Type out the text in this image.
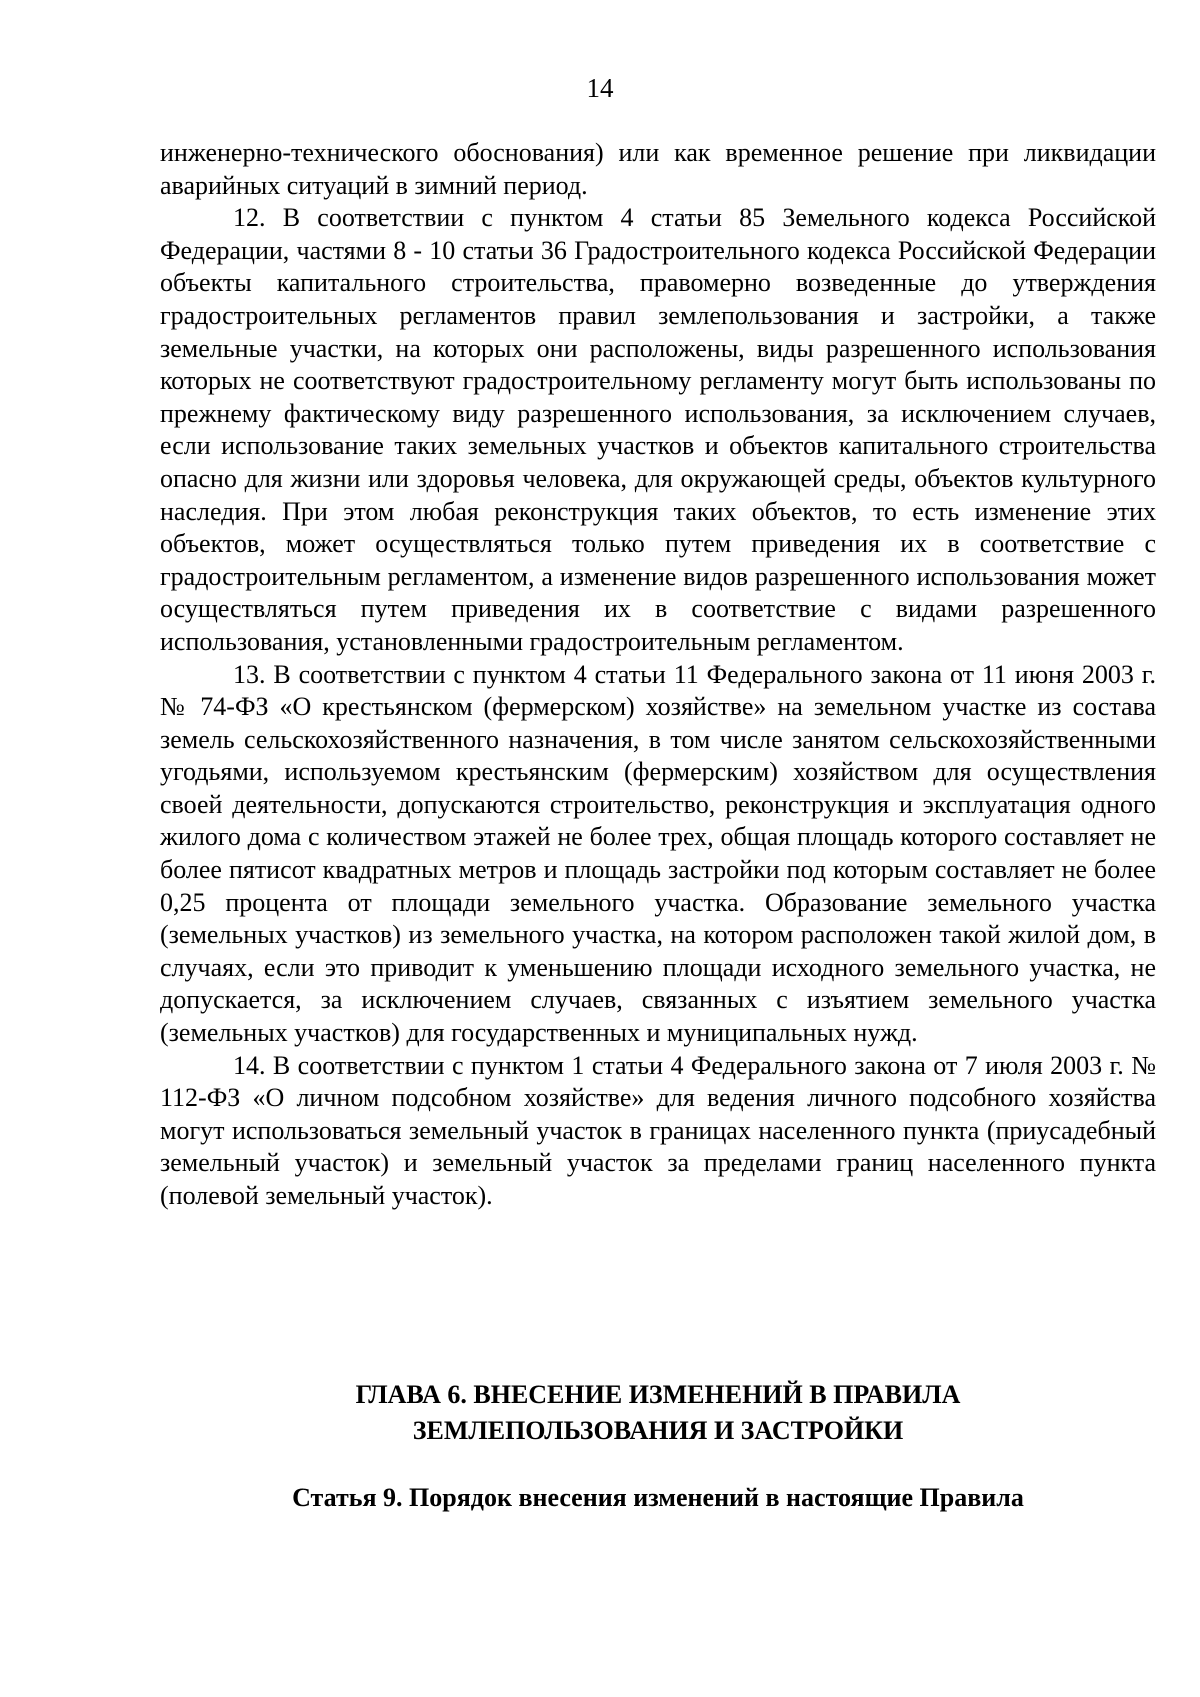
14

инженерно-технического обоснования) или как временное решение при ликвидации аварийных ситуаций в зимний период.

12. В соответствии с пунктом 4 статьи 85 Земельного кодекса Российской Федерации, частями 8 - 10 статьи 36 Градостроительного кодекса Российской Федерации объекты капитального строительства, правомерно возведенные до утверждения градостроительных регламентов правил землепользования и застройки, а также земельные участки, на которых они расположены, виды разрешенного использования которых не соответствуют градостроительному регламенту могут быть использованы по прежнему фактическому виду разрешенного использования, за исключением случаев, если использование таких земельных участков и объектов капитального строительства опасно для жизни или здоровья человека, для окружающей среды, объектов культурного наследия. При этом любая реконструкция таких объектов, то есть изменение этих объектов, может осуществляться только путем приведения их в соответствие с градостроительным регламентом, а изменение видов разрешенного использования может осуществляться путем приведения их в соответствие с видами разрешенного использования, установленными градостроительным регламентом.

13. В соответствии с пунктом 4 статьи 11 Федерального закона от 11 июня 2003 г. № 74-ФЗ «О крестьянском (фермерском) хозяйстве» на земельном участке из состава земель сельскохозяйственного назначения, в том числе занятом сельскохозяйственными угодьями, используемом крестьянским (фермерским) хозяйством для осуществления своей деятельности, допускаются строительство, реконструкция и эксплуатация одного жилого дома с количеством этажей не более трех, общая площадь которого составляет не более пятисот квадратных метров и площадь застройки под которым составляет не более 0,25 процента от площади земельного участка. Образование земельного участка (земельных участков) из земельного участка, на котором расположен такой жилой дом, в случаях, если это приводит к уменьшению площади исходного земельного участка, не допускается, за исключением случаев, связанных с изъятием земельного участка (земельных участков) для государственных и муниципальных нужд.

14. В соответствии с пунктом 1 статьи 4 Федерального закона от 7 июля 2003 г. № 112-ФЗ «О личном подсобном хозяйстве» для ведения личного подсобного хозяйства могут использоваться земельный участок в границах населенного пункта (приусадебный земельный участок) и земельный участок за пределами границ населенного пункта (полевой земельный участок).

ГЛАВА 6. ВНЕСЕНИЕ ИЗМЕНЕНИЙ В ПРАВИЛА
ЗЕМЛЕПОЛЬЗОВАНИЯ И ЗАСТРОЙКИ
Статья 9. Порядок внесения изменений в настоящие Правила
